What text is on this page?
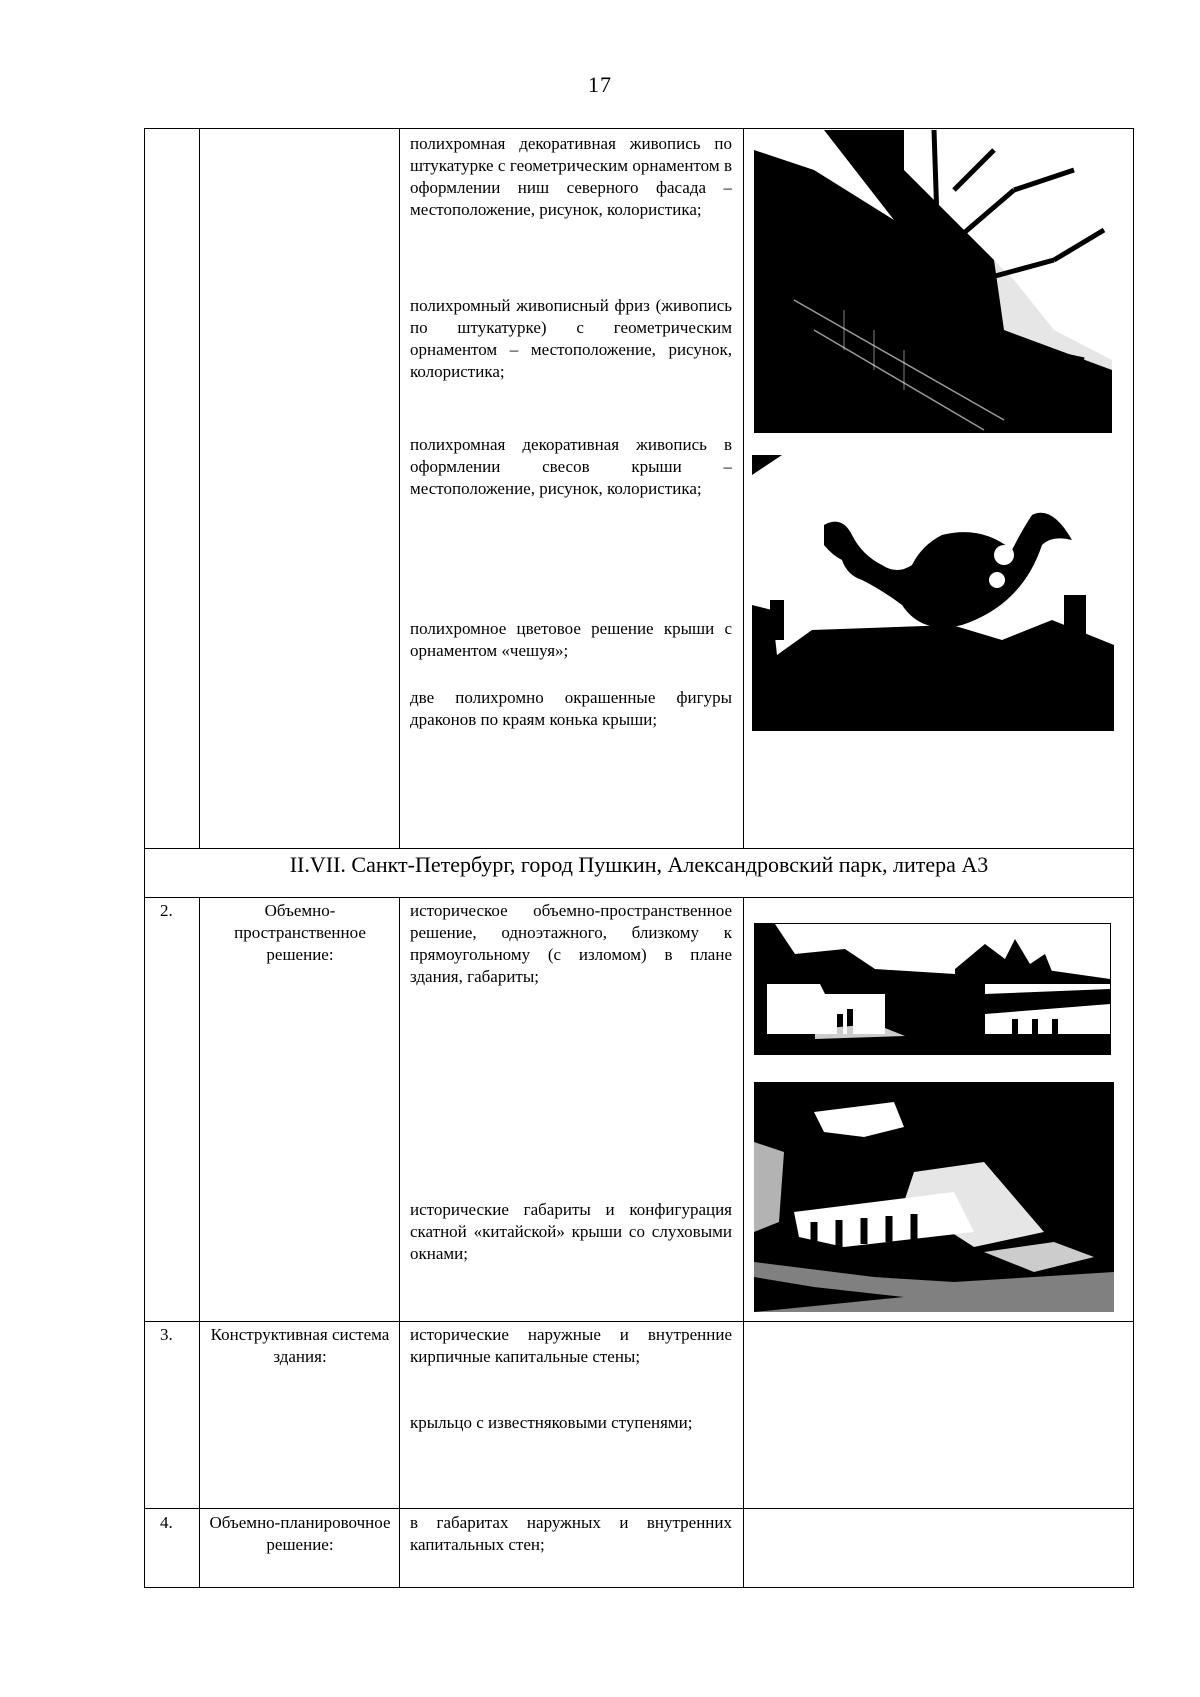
17
полихромная декоративная живопись по штукатурке с геометрическим орнаментом в оформлении ниш северного фасада – местоположение, рисунок, колористика;
полихромный живописный фриз (живопись по штукатурке) с геометрическим орнаментом – местоположение, рисунок, колористика;
полихромная декоративная живопись в оформлении свесов крыши – местоположение, рисунок, колористика;
полихромное цветовое решение крыши с орнаментом «чешуя»;
две полихромно окрашенные фигуры драконов по краям конька крыши;
II.VII. Санкт-Петербург, город Пушкин, Александровский парк, литера А3
2.	Объемно-пространственное решение:
историческое объемно-пространственное решение, одноэтажного, близкому к прямоугольному (с изломом) в плане здания, габариты;
исторические габариты и конфигурация скатной «китайской» крыши со слуховыми окнами;
3. Конструктивная система здания:
исторические наружные и внутренние кирпичные капитальные стены;
крыльцо с известняковыми ступенями;
4. Объемно-планировочное решение:
в габаритах наружных и внутренних капитальных стен;
